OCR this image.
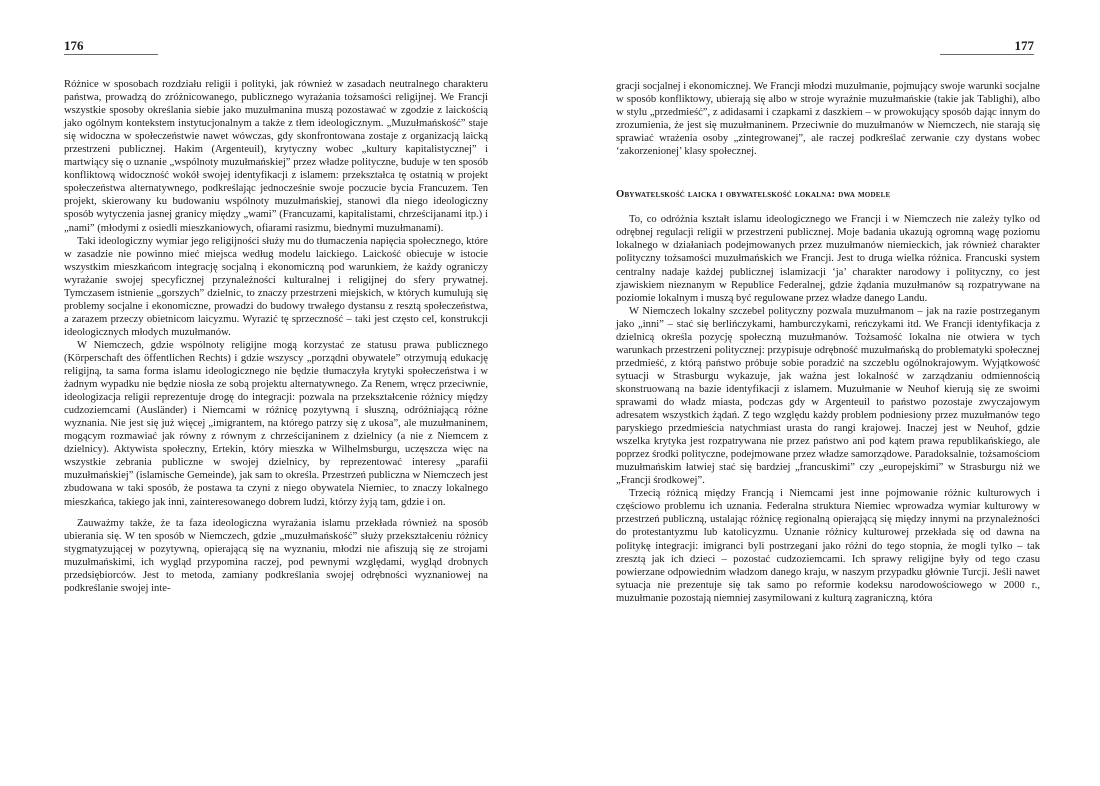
176

Różnice w sposobach rozdziału religii i polityki, jak również w zasadach neutralnego charakteru państwa, prowadzą do zróżnicowanego, publicznego wyrażania tożsamości religijnej. We Francji wszystkie sposoby określania siebie jako muzułmanina muszą pozostawać w zgodzie z laickością jako ogólnym kontekstem instytucjonalnym a także z tłem ideologicznym. „Muzułmańskość” staje się widoczna w społeczeństwie nawet wówczas, gdy skonfrontowana zostaje z organizacją laicką przestrzeni publicznej. Hakim (Argenteuil), krytyczny wobec „kultury kapitalistycznej” i martwiący się o uznanie „wspólnoty muzułmańskiej” przez władze polityczne, buduje w ten sposób konfliktową widoczność wokół swojej identyfikacji z islamem: przekształca tę ostatnią w projekt społeczeństwa alternatywnego, podkreślając jednocześnie swoje poczucie bycia Francuzem. Ten projekt, skierowany ku budowaniu wspólnoty muzułmańskiej, stanowi dla niego ideologiczny sposób wytyczenia jasnej granicy między „wami” (Francuzami, kapitalistami, chrześcijanami itp.) i „nami” (młodymi z osiedli mieszkaniowych, ofiarami rasizmu, biednymi muzułmanami).

Taki ideologiczny wymiar jego religijności służy mu do tłumaczenia napięcia społecznego, które w zasadzie nie powinno mieć miejsca według modelu laickiego. Laickość obiecuje w istocie wszystkim mieszkańcom integrację socjalną i ekonomiczną pod warunkiem, że każdy ograniczy wyrażanie swojej specyficznej przynależności kulturalnej i religijnej do sfery prywatnej. Tymczasem istnienie „gorszych” dzielnic, to znaczy przestrzeni miejskich, w których kumulują się problemy socjalne i ekonomiczne, prowadzi do budowy trwałego dystansu z resztą społeczeństwa, a zarazem przeczy obietnicom laicyzmu. Wyrazić tę sprzeczność – taki jest często cel, konstrukcji ideologicznych młodych muzułmanów.

W Niemczech, gdzie wspólnoty religijne mogą korzystać ze statusu prawa publicznego (Körperschaft des öffentlichen Rechts) i gdzie wszyscy „porządni obywatele” otrzymują edukację religijną, ta sama forma islamu ideologicznego nie będzie tłumaczyła krytyki społeczeństwa i w żadnym wypadku nie będzie niosła ze sobą projektu alternatywnego. Za Renem, wręcz przeciwnie, ideologizacja religii reprezentuje drogę do integracji: pozwala na przekształcenie różnicy między cudzoziemcami (Ausländer) i Niemcami w różnicę pozytywną i słuszną, odróżniającą różne wyznania. Nie jest się już więcej „imigrantem, na którego patrzy się z ukosa”, ale muzułmaninem, mogącym rozmawiać jak równy z równym z chrześcijaninem z dzielnicy (a nie z Niemcem z dzielnicy). Aktywista społeczny, Ertekin, który mieszka w Wilhelmsburgu, uczęszcza więc na wszystkie zebrania publiczne w swojej dzielnicy, by reprezentować interesy „parafii muzułmańskiej” (islamische Gemeinde), jak sam to określa. Przestrzeń publiczna w Niemczech jest zbudowana w taki sposób, że postawa ta czyni z niego obywatela Niemiec, to znaczy lokalnego mieszkańca, takiego jak inni, zainteresowanego dobrem ludzi, którzy żyją tam, gdzie i on.

Zauważmy także, że ta faza ideologiczna wyrażania islamu przekłada również na sposób ubierania się. W ten sposób w Niemczech, gdzie „muzułmańskość” służy przekształceniu różnicy stygmatyzującej w pozytywną, opierającą się na wyznaniu, młodzi nie afiszują się ze strojami muzułmańskimi, ich wygląd przypomina raczej, pod pewnymi względami, wygląd drobnych przedsiębiorców. Jest to metoda, zamiany podkreślania swojej odrębności wyznaniowej na podkreślanie swojej inte-

177

gracji socjalnej i ekonomicznej. We Francji młodzi muzułmanie, pojmujący swoje warunki socjalne w sposób konfliktowy, ubierają się albo w stroje wyraźnie muzułmańskie (takie jak Tablighi), albo w stylu „przedmieść”, z adidasami i czapkami z daszkiem – w prowokujący sposób dając innym do zrozumienia, że jest się muzułmaninem. Przeciwnie do muzułmanów w Niemczech, nie starają się sprawiać wrażenia osoby „zintegrowanej”, ale raczej podkreślać zerwanie czy dystans wobec ‘zakorzenionej’ klasy społecznej.

Obywatelskość laicka i obywatelskość lokalna: dwa modele

To, co odróżnia kształt islamu ideologicznego we Francji i w Niemczech nie zależy tylko od odrębnej regulacji religii w przestrzeni publicznej. Moje badania ukazują ogromną wagę poziomu lokalnego w działaniach podejmowanych przez muzułmanów niemieckich, jak również charakter polityczny tożsamości muzułmańskich we Francji. Jest to druga wielka różnica. Francuski system centralny nadaje każdej publicznej islamizacji ‘ja’ charakter narodowy i polityczny, co jest zjawiskiem nieznanym w Republice Federalnej, gdzie żądania muzułmanów są rozpatrywane na poziomie lokalnym i muszą być regulowane przez władze danego Landu.

W Niemczech lokalny szczebel polityczny pozwala muzułmanom – jak na razie postrzeganym jako „inni” – stać się berlińczykami, hamburczykami, reńczykami itd. We Francji identyfikacja z dzielnicą określa pozycję społeczną muzułmanów. Tożsamość lokalna nie otwiera w tych warunkach przestrzeni politycznej: przypisuje odrębność muzułmańską do problematyki społecznej przedmieść, z którą państwo próbuje sobie poradzić na szczeblu ogólnokrajowym. Wyjątkowość sytuacji w Strasburgu wykazuje, jak ważna jest lokalność w zarządzaniu odmiennością skonstruowaną na bazie identyfikacji z islamem. Muzułmanie w Neuhof kierują się ze swoimi sprawami do władz miasta, podczas gdy w Argenteuil to państwo pozostaje zwyczajowym adresatem wszystkich żądań. Z tego względu każdy problem podniesiony przez muzułmanów tego paryskiego przedmieścia natychmiast urasta do rangi krajowej. Inaczej jest w Neuhof, gdzie wszelka krytyka jest rozpatrywana nie przez państwo ani pod kątem prawa republikańskiego, ale poprzez środki polityczne, podejmowane przez władze samorządowe. Paradoksalnie, tożsamościom muzułmańskim łatwiej stać się bardziej „francuskimi” czy „europejskimi” w Strasburgu niż we „Francji środkowej”.

Trzecią różnicą między Francją i Niemcami jest inne pojmowanie różnic kulturowych i częściowo problemu ich uznania. Federalna struktura Niemiec wprowadza wymiar kulturowy w przestrzeń publiczną, ustalając różnicę regionalną opierającą się między innymi na przynależności do protestantyzmu lub katolicyzmu. Uznanie różnicy kulturowej przekłada się od dawna na politykę integracji: imigranci byli postrzegani jako różni do tego stopnia, że mogli tylko – tak zresztą jak ich dzieci – pozostać cudzoziemcami. Ich sprawy religijne były od tego czasu powierzane odpowiednim władzom danego kraju, w naszym przypadku głównie Turcji. Jeśli nawet sytuacja nie prezentuje się tak samo po reformie kodeksu narodowościowego w 2000 r., muzułmanie pozostają niemniej zasymilowani z kulturą zagraniczną, która
